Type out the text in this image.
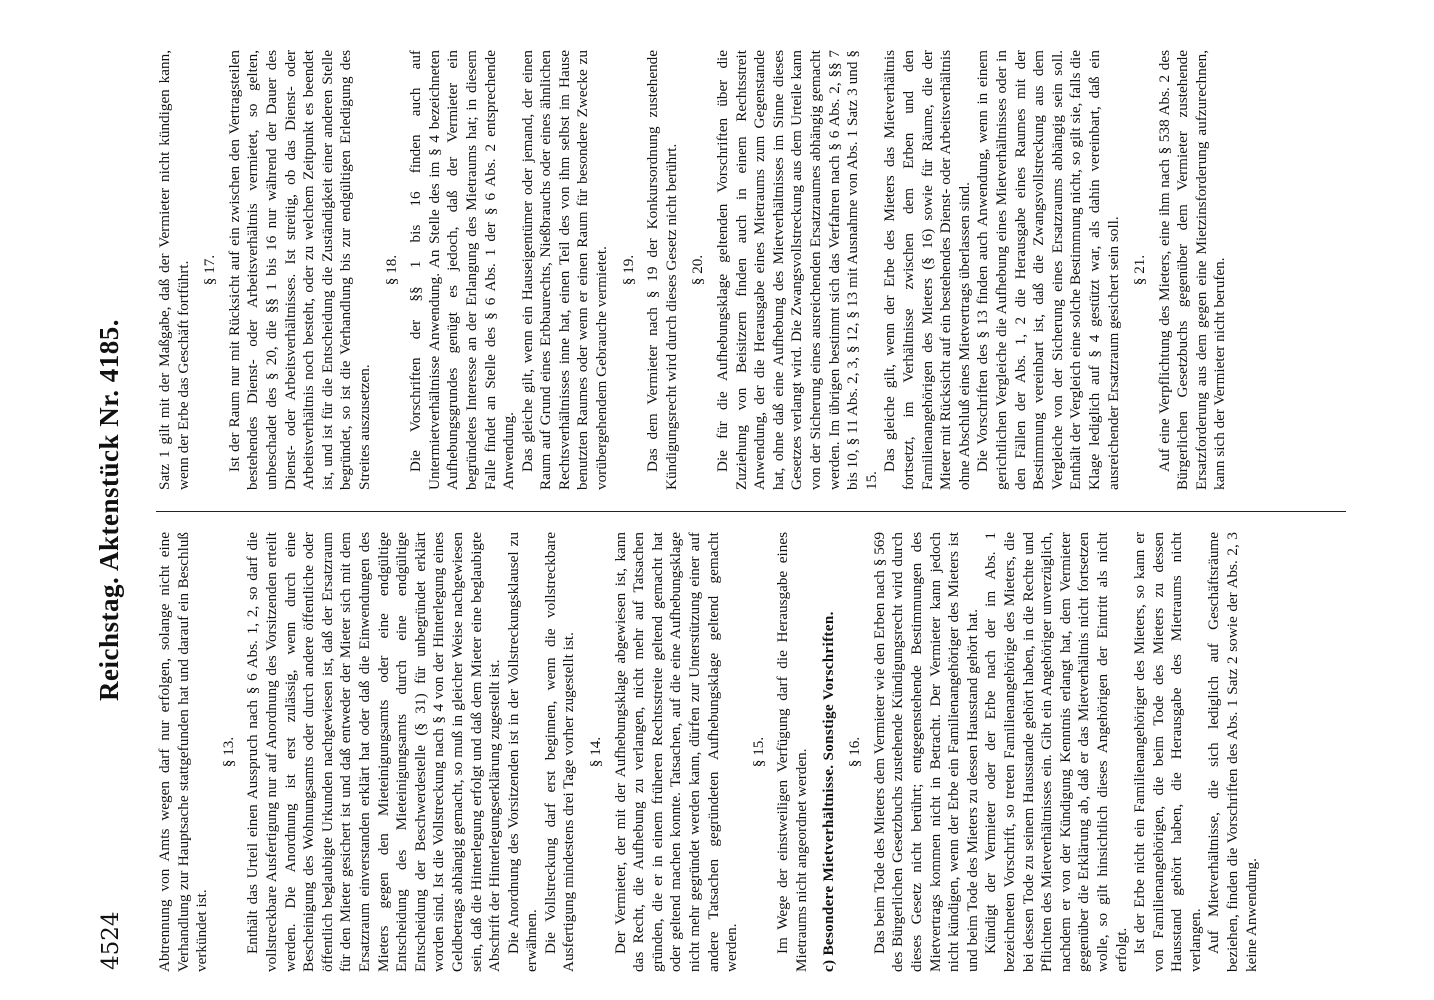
4524
Reichstag. Aktenstück Nr. 4185.

Abtrennung von Amts wegen darf nur erfolgen, solange nicht eine Verhandlung zur Hauptsache stattgefunden hat und darauf ein Beschluß verkündet ist.

§ 13. Enthält das Urteil einen Ausspruch nach § 6 Abs. 1, 2, so darf die vollstreckbare Ausfertigung nur auf Anordnung des Vorsitzenden erteilt werden. Die Anordnung ist erst zulässig, wenn durch eine Bescheinigung des Wohnungsamts oder durch andere öffentliche oder öffentlich beglaubigte Urkunden nachgewiesen ist, daß der Ersatzraum für den Mieter gesichert ist und daß entweder der Mieter sich mit dem Ersatzraum einverstanden erklärt hat oder daß die Einwendungen des Mieters gegen den Mieteinigungsamts oder eine endgültige Entscheidung des Mieteinigungsamts durch eine endgültige Entscheidung der Beschwerdestelle (§ 31) für unbegründet erklärt worden sind. Ist die Vollstreckung nach § 4 von der Hinterlegung eines Geldbetrags abhängig gemacht, so muß in gleicher Weise nachgewiesen sein, daß die Hinterlegung erfolgt und daß dem Mieter eine beglaubigte Abschrift der Hinterlegungserklärung zugestellt ist. Die Anordnung des Vorsitzenden ist in der Vollstreckungsklausel zu erwähnen. Die Vollstreckung darf erst beginnen, wenn die vollstreckbare Ausfertigung mindestens drei Tage vorher zugestellt ist. § 14. Der Vermieter, der mit der Aufhebungsklage abgewiesen ist, kann das Recht, die Aufhebung zu verlangen, nicht mehr auf Tatsachen gründen, die er in einem früheren Rechtsstreite geltend gemacht hat oder geltend machen konnte. Tatsachen, auf die eine Aufhebungsklage nicht mehr gegründet werden kann, dürfen zur Unterstützung einer auf andere Tatsachen gegründeten Aufhebungsklage geltend gemacht werden.

§ 15. Im Wege der einstweiligen Verfügung darf die Herausgabe eines Mietraums nicht angeordnet werden. c) Besondere Mietverhältnisse. Sonstige Vorschriften. § 16. Das beim Tode des Mieters dem Vermieter wie den Erben nach § 569 des Bürgerlichen Gesetzbuchs zustehende Kündigungsrecht wird durch dieses Gesetz nicht berührt; entgegenstehende Bestimmungen des Mietvertrags kommen nicht in Betracht. Der Vermieter kann jedoch nicht kündigen, wenn der Erbe ein Familienangehöriger des Mieters ist und beim Tode des Mieters zu dessen Hausstand gehört hat. Kündigt der Vermieter oder der Erbe nach der im Abs. 1 bezeichneten Vorschrift, so treten Familienangehörige des Mieters, die bei dessen Tode zu seinem Hausstande gehört haben, in die Rechte und Pflichten des Mietverhältnisses ein. Gibt ein Angehöriger unverzüglich, nachdem er von der Kündigung Kenntnis erlangt hat, dem Vermieter gegenüber die Erklärung ab, daß er das Mietverhältnis nicht fortsetzen wolle, so gilt hinsichtlich dieses Angehörigen der Eintritt als nicht erfolgt. Ist der Erbe nicht ein Familienangehöriger des Mieters, so kann er von Familienangehörigen, die beim Tode des Mieters zu dessen Hausstand gehört haben, die Herausgabe des Mietraums nicht verlangen. Auf Mietverhältnisse, die sich lediglich auf Geschäftsräume beziehen, finden die Vorschriften des Abs. 1 Satz 2 sowie der Abs. 2, 3 keine Anwendung.

Satz 1 gilt mit der Maßgabe, daß der Vermieter nicht kündigen kann, wenn der Erbe das Geschäft fortführt. § 17. Ist der Raum nur mit Rücksicht auf ein zwischen den Vertragsteilen bestehendes Dienst- oder Arbeitsverhältnis vermietet, so gelten, unbeschadet des § 20, die §§ 1 bis 16 nur während der Dauer des Dienst- oder Arbeitsverhältnisses. Ist streitig, ob das Dienst- oder Arbeitsverhältnis noch besteht, oder zu welchem Zeitpunkt es beendet ist, und ist für die Entscheidung die Zuständigkeit einer anderen Stelle begründet, so ist die Verhandlung bis zur endgültigen Erledigung des Streites auszusetzen.

§ 18. Die Vorschriften der §§ 1 bis 16 finden auch auf Untermietverhältnisse Anwendung. An Stelle des im § 4 bezeichneten Aufhebungsgrundes genügt es jedoch, daß der Vermieter ein begründetes Interesse an der Erlangung des Mietraums hat; in diesem Falle findet an Stelle des § 6 Abs. 1 der § 6 Abs. 2 entsprechende Anwendung. Das gleiche gilt, wenn ein Hauseigentümer oder jemand, der einen Raum auf Grund eines Erbbaurechts, Nießbrauchs oder eines ähnlichen Rechtsverhältnisses inne hat, einen Teil des von ihm selbst im Hause benutzten Raumes oder wenn er einen Raum für besondere Zwecke zu vorübergehendem Gebrauche vermietet. § 19. Das dem Vermieter nach § 19 der Konkursordnung zustehende Kündigungsrecht wird durch dieses Gesetz nicht berührt. § 20. Die für die Aufhebungsklage geltenden Vorschriften über die Zuziehung von Beisitzern finden auch in einem Rechtsstreit Anwendung, der die Herausgabe eines Mietraums zum Gegenstande hat, ohne daß eine Aufhebung des Mietverhältnisses im Sinne dieses Gesetzes verlangt wird. Die Zwangsvollstreckung aus dem Urteile kann von der Sicherung eines ausreichenden Ersatzraumes abhängig gemacht werden. Im übrigen bestimmt sich das Verfahren nach § 6 Abs. 2, §§ 7 bis 10, § 11 Abs. 2, 3, § 12, § 13 mit Ausnahme von Abs. 1 Satz 3 und § 15.

Das gleiche gilt, wenn der Erbe des Mieters das Mietverhältnis fortsetzt, im Verhältnisse zwischen dem Erben und den Familienangehörigen des Mieters (§ 16) sowie für Räume, die der Mieter mit Rücksicht auf ein bestehendes Dienst- oder Arbeitsverhältnis ohne Abschluß eines Mietvertrags überlassen sind. Die Vorschriften des § 13 finden auch Anwendung, wenn in einem gerichtlichen Vergleiche die Aufhebung eines Mietverhältnisses oder in den Fällen der Abs. 1, 2 die Herausgabe eines Raumes mit der Bestimmung vereinbart ist, daß die Zwangsvollstreckung aus dem Vergleiche von der Sicherung eines Ersatzraums abhängig sein soll. Enthält der Vergleich eine solche Bestimmung nicht, so gilt sie, falls die Klage lediglich auf § 4 gestützt war, als dahin vereinbart, daß ein ausreichender Ersatzraum gesichert sein soll. § 21. Auf eine Verpflichtung des Mieters, eine ihm nach § 538 Abs. 2 des Bürgerlichen Gesetzbuchs gegenüber dem Vermieter zustehende Ersatzforderung aus dem gegen eine Mietzinsforderung aufzurechnen, kann sich der Vermieter nicht berufen.
